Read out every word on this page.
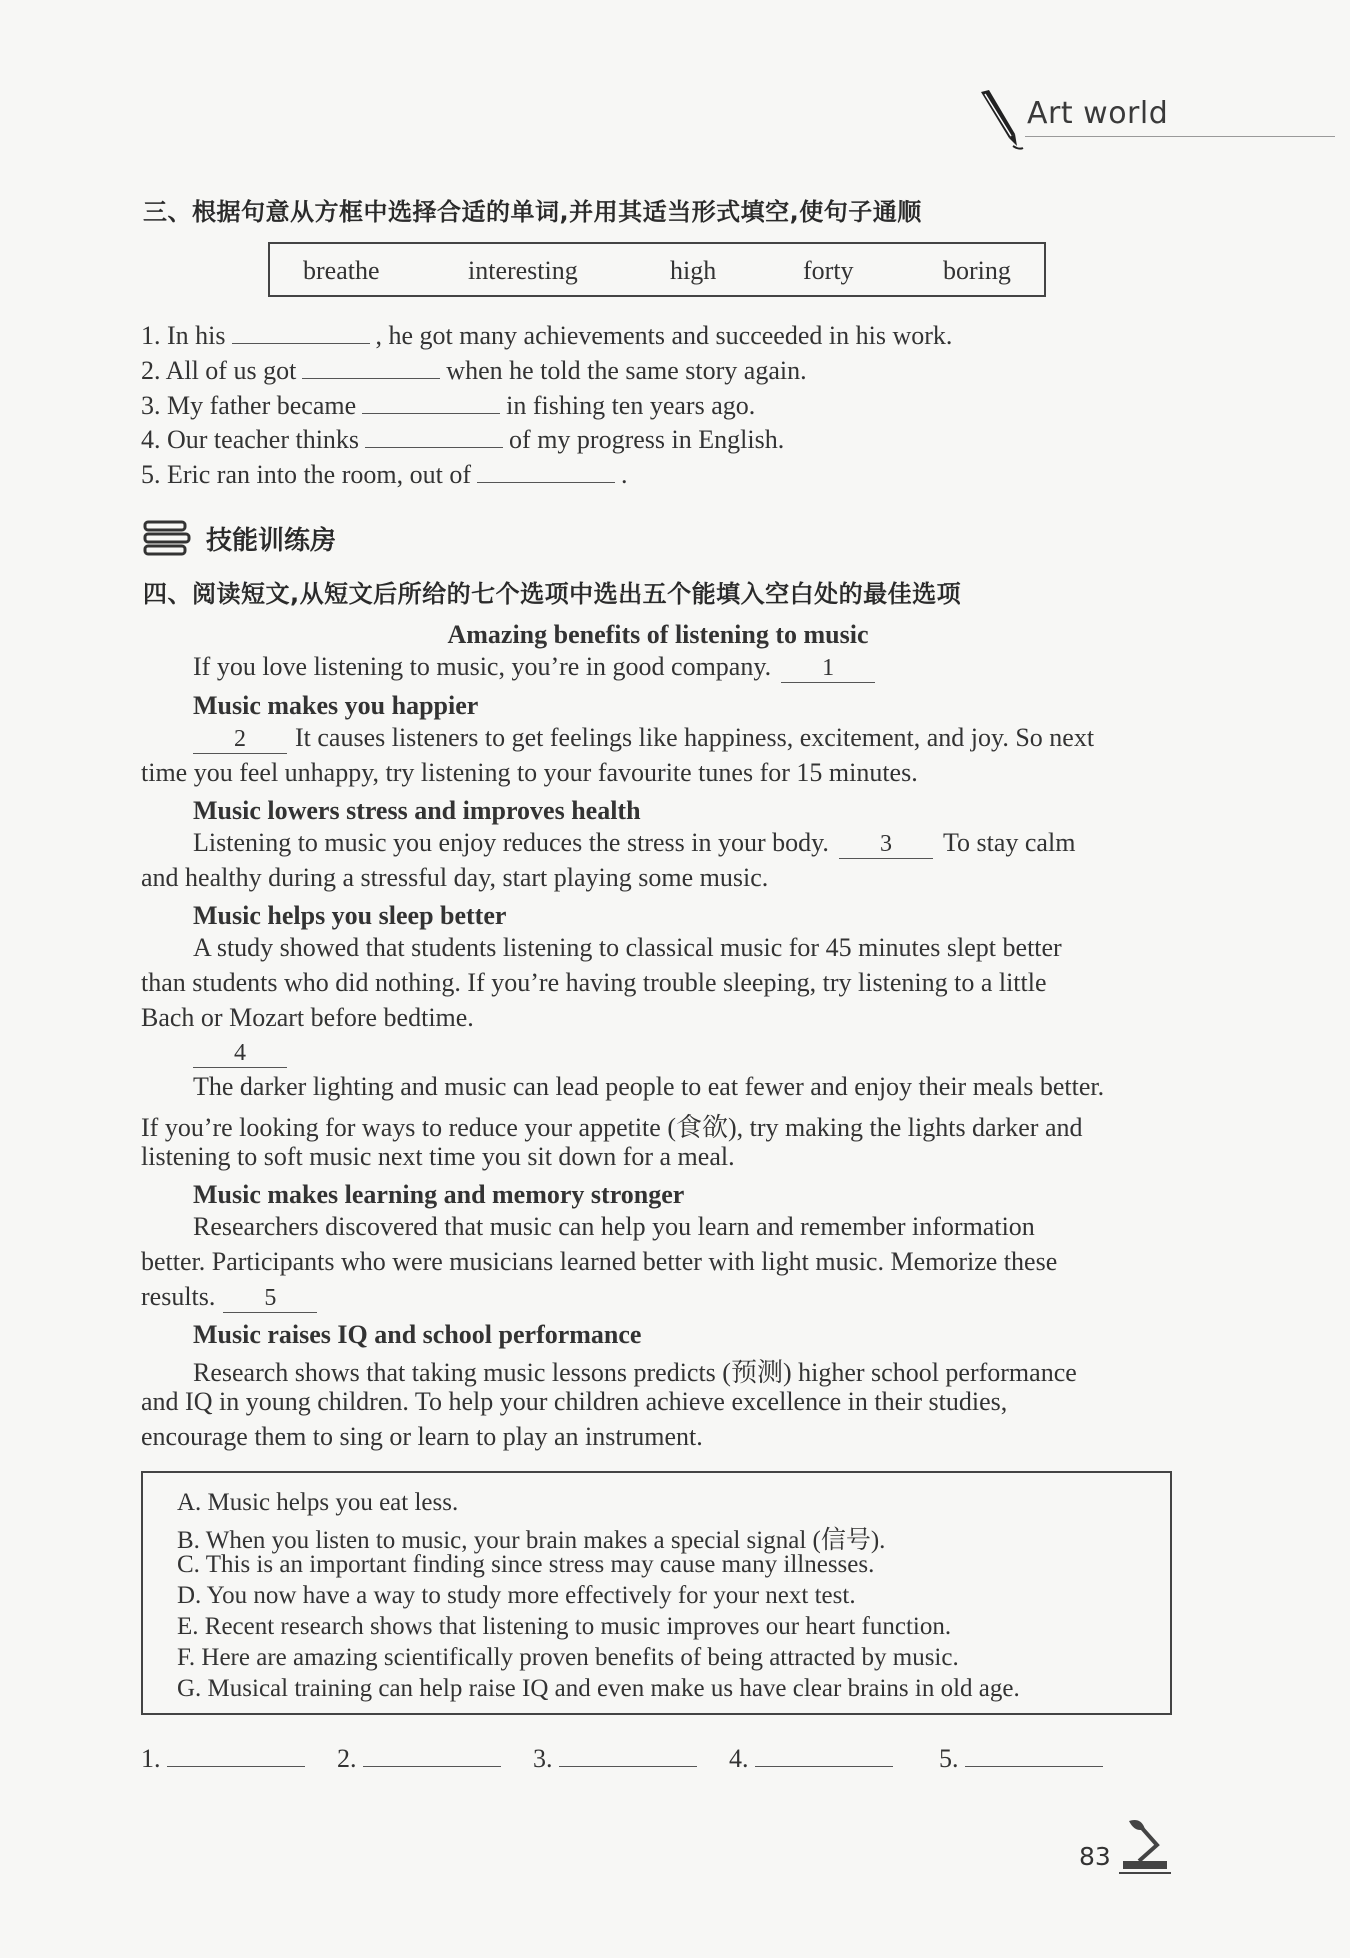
Art world
三、根据句意从方框中选择合适的单词,并用其适当形式填空,使句子通顺
breathe	interesting	high	forty	boring
1. In his	, he got many achievements and succeeded in his work.
2. All of us got	when he told the same story again.
3. My father became	in fishing ten years ago.
4. Our teacher thinks	of my progress in English.
5. Eric ran into the room, out of	.
技能训练房
四、阅读短文,从短文后所给的七个选项中选出五个能填入空白处的最佳选项
Amazing benefits of listening to music
If you love listening to music, you’re in good company. 1
Music makes you happier
2 It causes listeners to get feelings like happiness, excitement, and joy. So next
time you feel unhappy, try listening to your favourite tunes for 15 minutes.
Music lowers stress and improves health
Listening to music you enjoy reduces the stress in your body. 3 To stay calm
and healthy during a stressful day, start playing some music.
Music helps you sleep better
A study showed that students listening to classical music for 45 minutes slept better
than students who did nothing. If you’re having trouble sleeping, try listening to a little
Bach or Mozart before bedtime.
4
The darker lighting and music can lead people to eat fewer and enjoy their meals better.
If you’re looking for ways to reduce your appetite (食欲), try making the lights darker and
listening to soft music next time you sit down for a meal.
Music makes learning and memory stronger
Researchers discovered that music can help you learn and remember information
better. Participants who were musicians learned better with light music. Memorize these
results. 5
Music raises IQ and school performance
Research shows that taking music lessons predicts (预测) higher school performance
and IQ in young children. To help your children achieve excellence in their studies,
encourage them to sing or learn to play an instrument.
A. Music helps you eat less.
B. When you listen to music, your brain makes a special signal (信号).
C. This is an important finding since stress may cause many illnesses.
D. You now have a way to study more effectively for your next test.
E. Recent research shows that listening to music improves our heart function.
F. Here are amazing scientifically proven benefits of being attracted by music.
G. Musical training can help raise IQ and even make us have clear brains in old age.
1.	2.	3.	4.	5.
83
